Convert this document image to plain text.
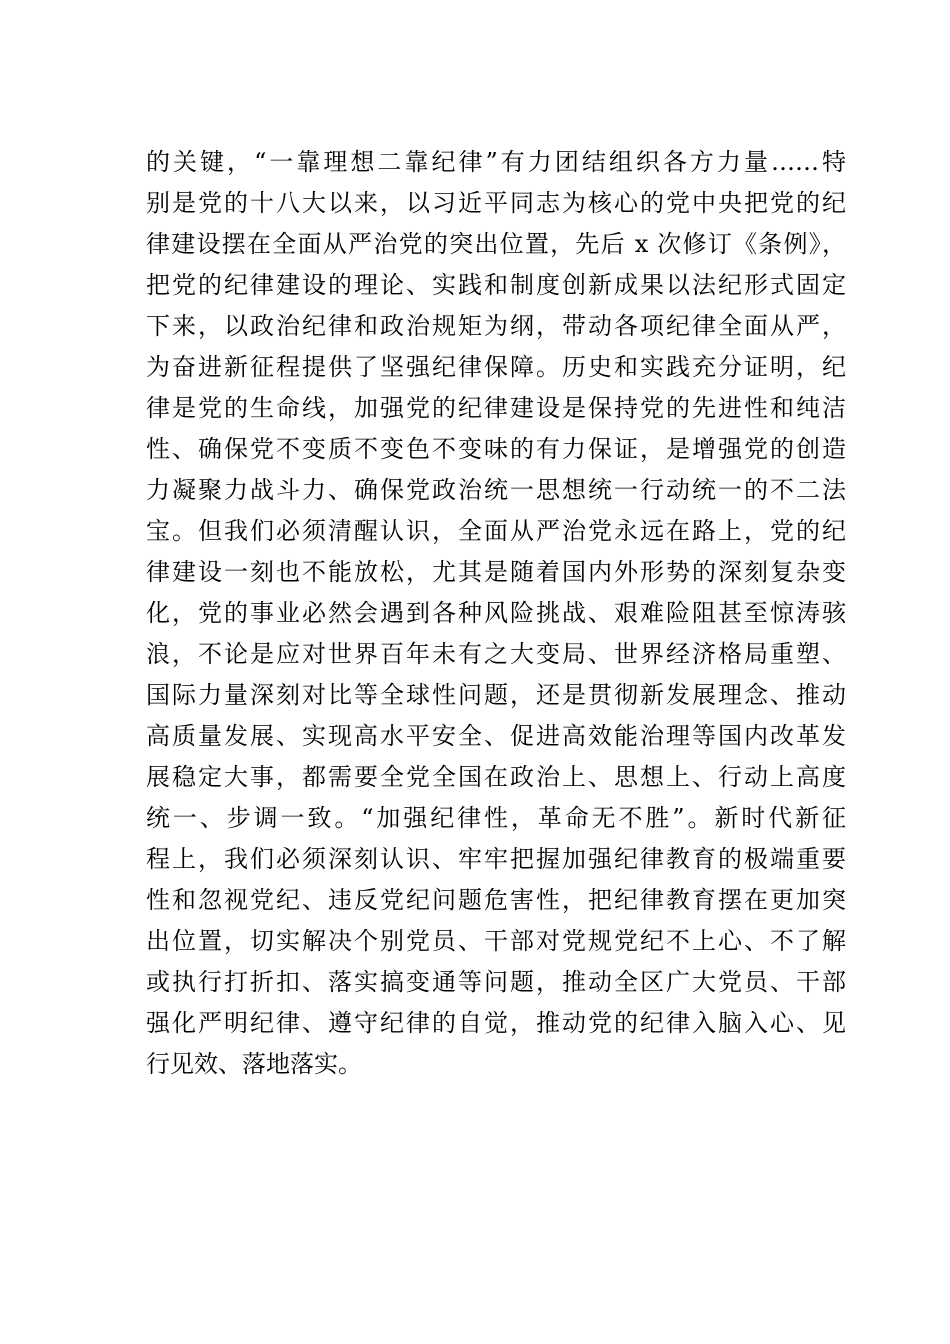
的关键，“一靠理想二靠纪律”有力团结组织各方力量……特
别是党的十八大以来，以习近平同志为核心的党中央把党的纪
律建设摆在全面从严治党的突出位置，先后 x 次修订《条例》，
把党的纪律建设的理论、实践和制度创新成果以法纪形式固定
下来，以政治纪律和政治规矩为纲，带动各项纪律全面从严，
为奋进新征程提供了坚强纪律保障。历史和实践充分证明，纪
律是党的生命线，加强党的纪律建设是保持党的先进性和纯洁
性、确保党不变质不变色不变味的有力保证，是增强党的创造
力凝聚力战斗力、确保党政治统一思想统一行动统一的不二法
宝。但我们必须清醒认识，全面从严治党永远在路上，党的纪
律建设一刻也不能放松，尤其是随着国内外形势的深刻复杂变
化，党的事业必然会遇到各种风险挑战、艰难险阻甚至惊涛骇
浪，不论是应对世界百年未有之大变局、世界经济格局重塑、
国际力量深刻对比等全球性问题，还是贯彻新发展理念、推动
高质量发展、实现高水平安全、促进高效能治理等国内改革发
展稳定大事，都需要全党全国在政治上、思想上、行动上高度
统一、步调一致。“加强纪律性，革命无不胜”。新时代新征
程上，我们必须深刻认识、牢牢把握加强纪律教育的极端重要
性和忽视党纪、违反党纪问题危害性，把纪律教育摆在更加突
出位置，切实解决个别党员、干部对党规党纪不上心、不了解
或执行打折扣、落实搞变通等问题，推动全区广大党员、干部
强化严明纪律、遵守纪律的自觉，推动党的纪律入脑入心、见
行见效、落地落实。
